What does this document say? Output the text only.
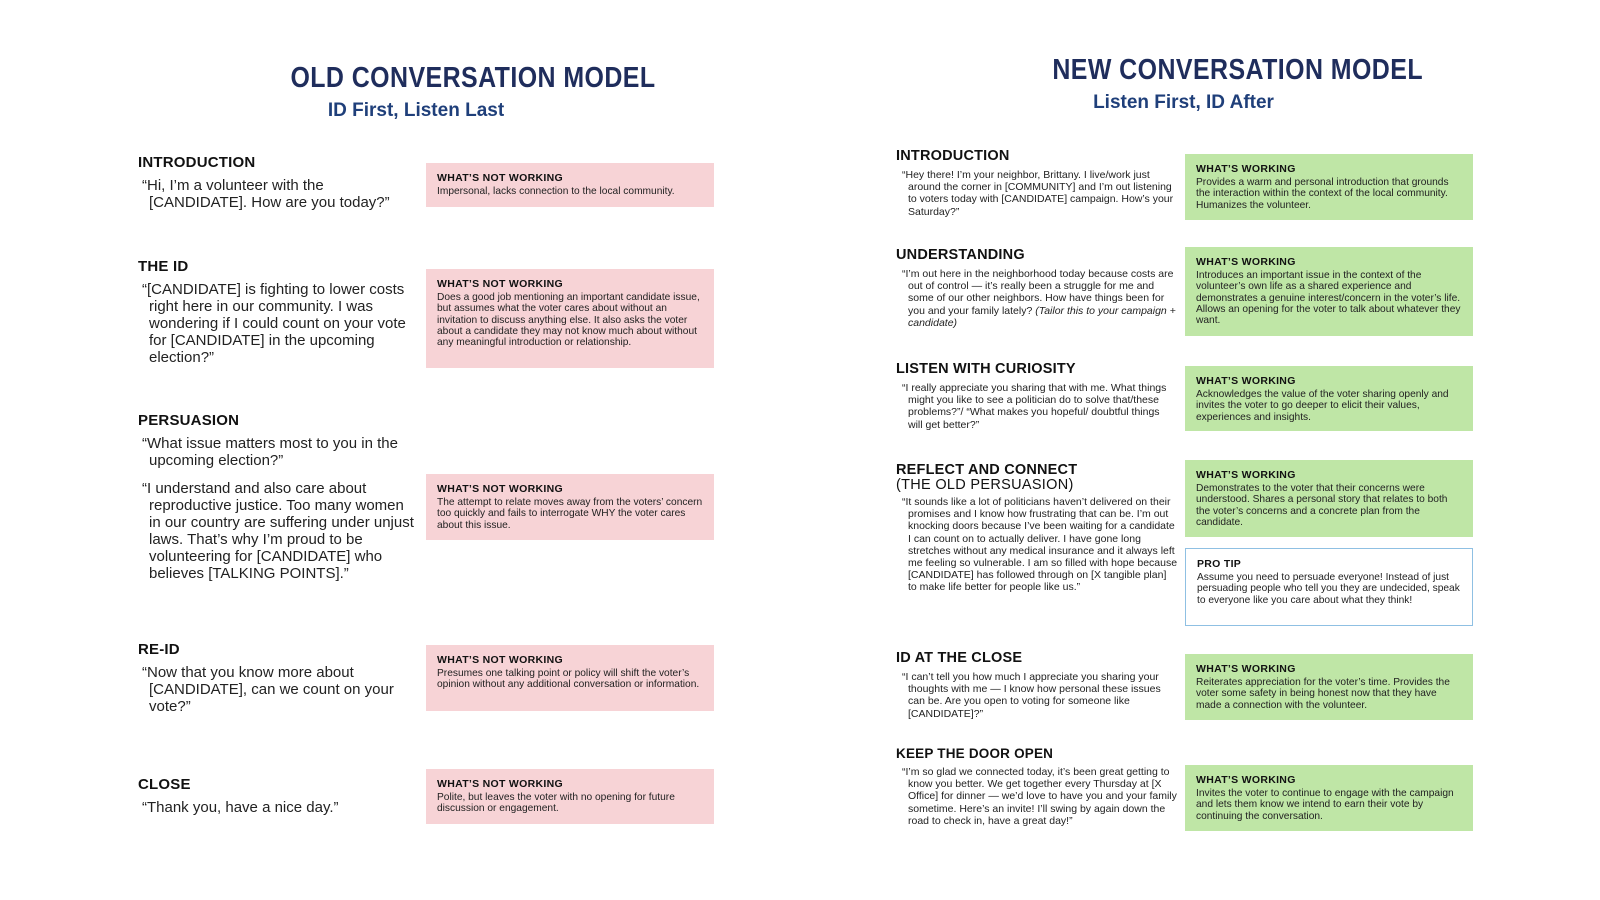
OLD CONVERSATION MODEL
ID First, Listen Last
INTRODUCTION
“Hi, I’m a volunteer with the [CANDIDATE]. How are you today?”
WHAT’S NOT WORKING
Impersonal, lacks connection to the local community.
THE ID
“[CANDIDATE] is fighting to lower costs right here in our community. I was wondering if I could count on your vote for [CANDIDATE] in the upcoming election?”
WHAT’S NOT WORKING
Does a good job mentioning an important candidate issue, but assumes what the voter cares about without an invitation to discuss anything else. It also asks the voter about a candidate they may not know much about without any meaningful introduction or relationship.
PERSUASION
“What issue matters most to you in the upcoming election?”
“I understand and also care about reproductive justice. Too many women in our country are suffering under unjust laws. That’s why I’m proud to be volunteering for [CANDIDATE] who believes [TALKING POINTS].”
WHAT’S NOT WORKING
The attempt to relate moves away from the voters’ concern too quickly and fails to interrogate WHY the voter cares about this issue.
RE-ID
“Now that you know more about [CANDIDATE], can we count on your vote?”
WHAT’S NOT WORKING
Presumes one talking point or policy will shift the voter’s opinion without any additional conversation or information.
CLOSE
“Thank you, have a nice day.”
WHAT’S NOT WORKING
Polite, but leaves the voter with no opening for future discussion or engagement.
NEW CONVERSATION MODEL
Listen First, ID After
INTRODUCTION
“Hey there! I’m your neighbor, Brittany. I live/work just around the corner in [COMMUNITY] and I’m out listening to voters today with [CANDIDATE] campaign. How’s your Saturday?”
WHAT’S WORKING
Provides a warm and personal introduction that grounds the interaction within the context of the local community. Humanizes the volunteer.
UNDERSTANDING
“I’m out here in the neighborhood today because costs are out of control — it’s really been a struggle for me and some of our other neighbors. How have things been for you and your family lately? (Tailor this to your campaign + candidate)
WHAT’S WORKING
Introduces an important issue in the context of the volunteer’s own life as a shared experience and demonstrates a genuine interest/concern in the voter’s life. Allows an opening for the voter to talk about whatever they want.
LISTEN WITH CURIOSITY
“I really appreciate you sharing that with me. What things might you like to see a politician do to solve that/these problems?”/ “What makes you hopeful/ doubtful things will get better?”
WHAT’S WORKING
Acknowledges the value of the voter sharing openly and invites the voter to go deeper to elicit their values, experiences and insights.
REFLECT AND CONNECT
(THE OLD PERSUASION)
“It sounds like a lot of politicians haven’t delivered on their promises and I know how frustrating that can be. I’m out knocking doors because I’ve been waiting for a candidate I can count on to actually deliver. I have gone long stretches without any medical insurance and it always left me feeling so vulnerable. I am so filled with hope because [CANDIDATE] has followed through on [X tangible plan] to make life better for people like us.”
WHAT’S WORKING
Demonstrates to the voter that their concerns were understood. Shares a personal story that relates to both the voter’s concerns and a concrete plan from the candidate.
PRO TIP
Assume you need to persuade everyone! Instead of just persuading people who tell you they are undecided, speak to everyone like you care about what they think!
ID AT THE CLOSE
“I can’t tell you how much I appreciate you sharing your thoughts with me — I know how personal these issues can be. Are you open to voting for someone like [CANDIDATE]?”
WHAT’S WORKING
Reiterates appreciation for the voter’s time. Provides the voter some safety in being honest now that they have made a connection with the volunteer.
KEEP THE DOOR OPEN
“I’m so glad we connected today, it’s been great getting to know you better. We get together every Thursday at [X Office] for dinner — we’d love to have you and your family sometime. Here’s an invite! I’ll swing by again down the road to check in, have a great day!”
WHAT’S WORKING
Invites the voter to continue to engage with the campaign and lets them know we intend to earn their vote by continuing the conversation.
